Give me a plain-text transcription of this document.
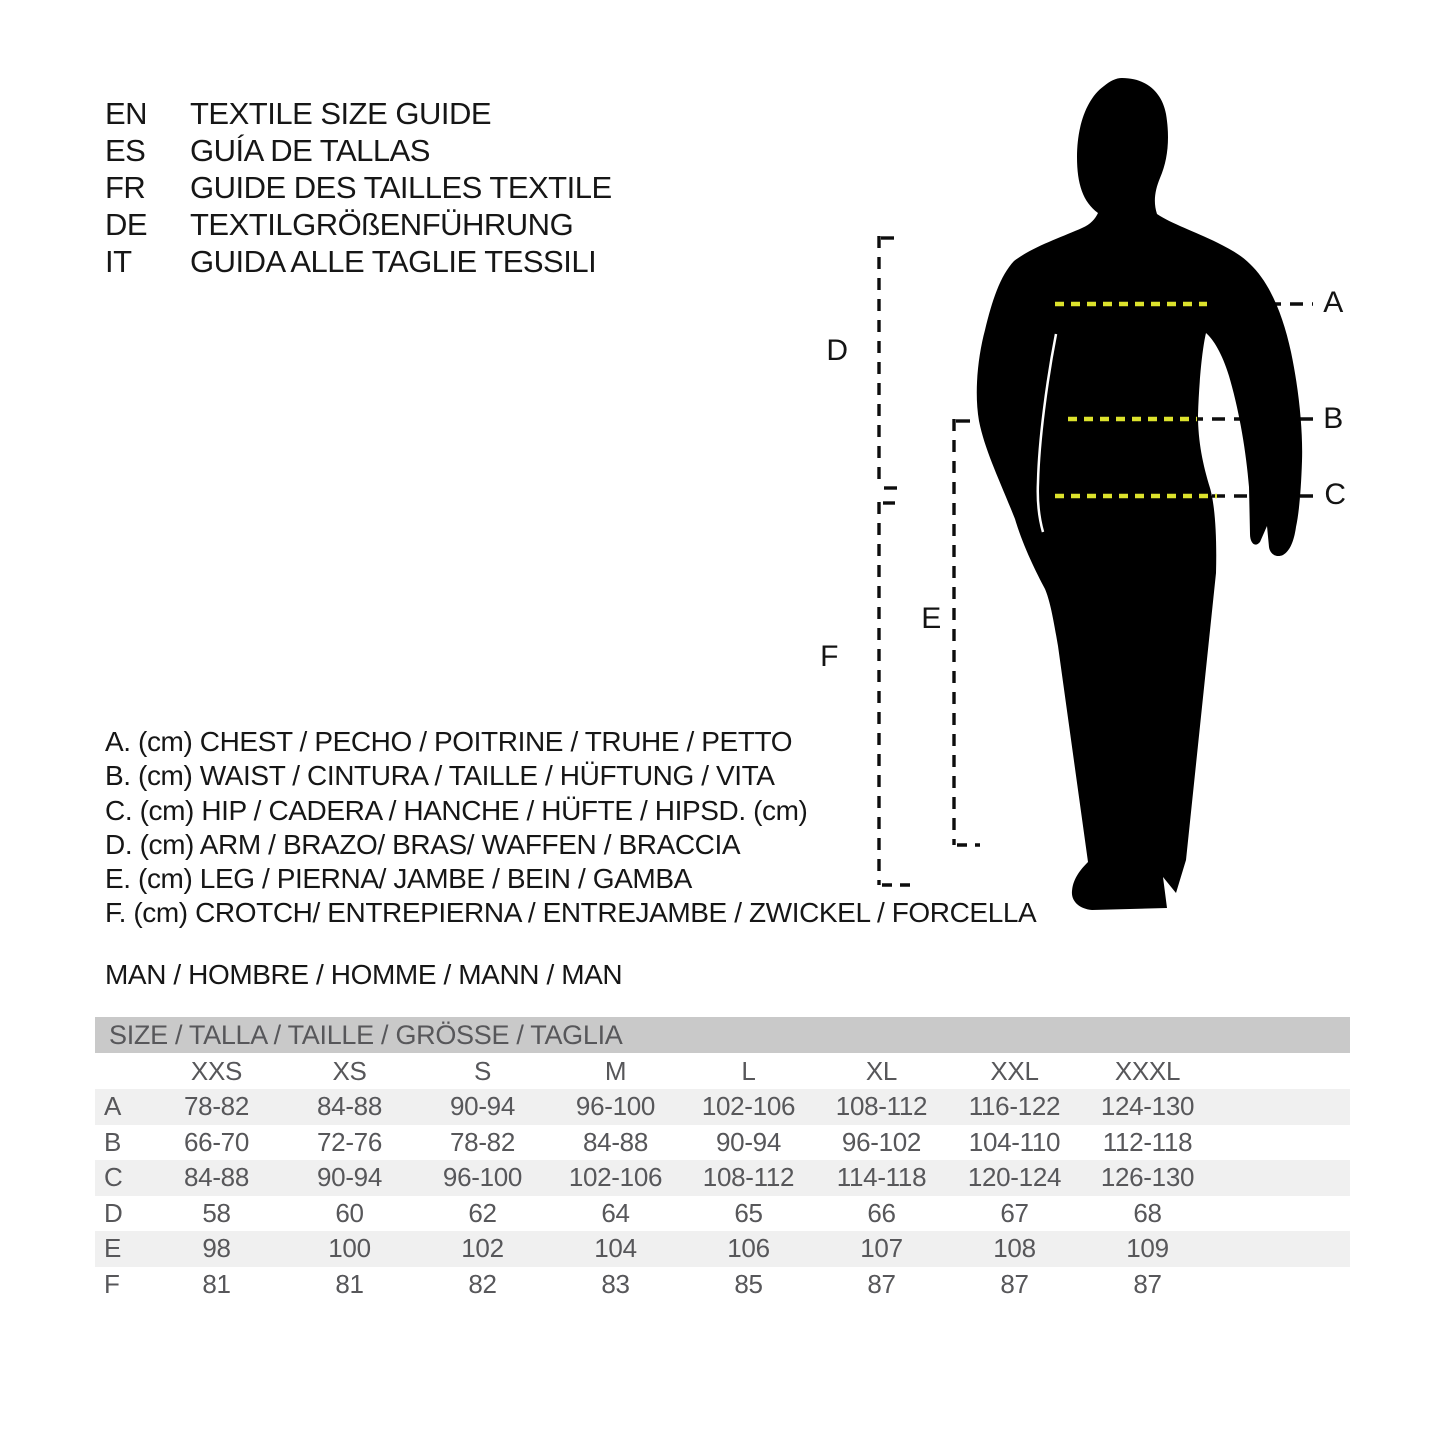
EN	TEXTILE SIZE GUIDE
ES	GUÍA DE TALLAS
FR	GUIDE DES TAILLES TEXTILE
DE	TEXTILGRÖßENFÜHRUNG
IT	GUIDA ALLE TAGLIE TESSILI
A
B
C
D
E
F
A. (cm) CHEST / PECHO / POITRINE / TRUHE / PETTO
B. (cm) WAIST / CINTURA / TAILLE / HÜFTUNG / VITA
C. (cm) HIP / CADERA / HANCHE / HÜFTE / HIPSD. (cm)
D. (cm) ARM / BRAZO/ BRAS/ WAFFEN / BRACCIA
E. (cm) LEG / PIERNA/ JAMBE / BEIN / GAMBA
F. (cm) CROTCH/ ENTREPIERNA / ENTREJAMBE / ZWICKEL / FORCELLA
MAN / HOMBRE / HOMME / MANN / MAN
SIZE / TALLA / TAILLE / GRÖSSE / TAGLIA									
	XXS	XS	S	M	L	XL	XXL	XXXL	
A	78-82	84-88	90-94	96-100	102-106	108-112	116-122	124-130	
B	66-70	72-76	78-82	84-88	90-94	96-102	104-110	112-118	
C	84-88	90-94	96-100	102-106	108-112	114-118	120-124	126-130	
D	58	60	62	64	65	66	67	68	
E	98	100	102	104	106	107	108	109	
F	81	81	82	83	85	87	87	87	
